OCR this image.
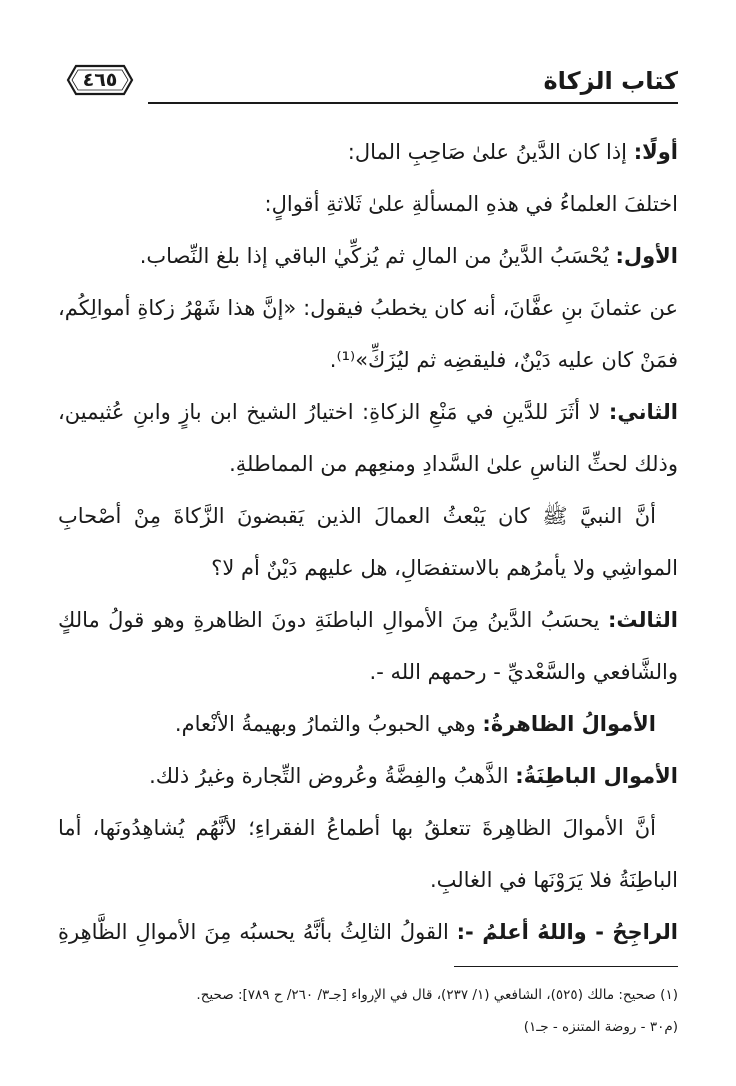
كتاب الزكاة
٤٦٥
أولًا: إذا كان الدَّينُ علىٰ صَاحِبِ المال:
اختلفَ العلماءُ في هذهِ المسألةِ علىٰ ثَلاثةِ أقوالٍ:
الأول: يُحْسَبُ الدَّينُ من المالِ ثم يُزكِّيٰ الباقي إذا بلغ النِّصاب.
عن عثمانَ بنِ عفَّانَ، أنه كان يخطبُ فيقول: «إنَّ هذا شَهْرُ زكاةِ أموالِكُم،
فمَنْ كان عليه دَيْنٌ، فليقضِه ثم ليُزَكِّ»⁽¹⁾.
الثاني: لا أثَرَ للدَّينِ في مَنْعِ الزكاةِ: اختيارُ الشيخ ابن بازٍ وابنِ عُثيمين،
وذلك لحثِّ الناسِ علىٰ السَّدادِ ومنعِهم من المماطلةِ.
أنَّ النبيَّ ﷺ كان يَبْعثُ العمالَ الذين يَقبضونَ الزَّكاةَ مِنْ أصْحابِ
المواشِي ولا يأمرُهم بالاستفصَالِ، هل عليهم دَيْنٌ أم لا؟
الثالث: يحسَبُ الدَّينُ مِنَ الأموالِ الباطنَةِ دونَ الظاهرةِ وهو قولُ مالكٍ
والشَّافعي والسَّعْديِّ - رحمهم الله -.
الأموالُ الظاهرةُ: وهي الحبوبُ والثمارُ وبهيمةُ الأنْعام.
الأموال الباطِنَةُ: الذَّهبُ والفِضَّةُ وعُروض التِّجارة وغيرُ ذلك.
أنَّ الأموالَ الظاهِرةَ تتعلقُ بها أطماعُ الفقراءِ؛ لأنَّهُم يُشاهِدُونَها، أما
الباطِنَةُ فلا يَرَوْنَها في الغالبِ.
الراجِحُ - واللهُ أعلمُ -: القولُ الثالِثُ بأنَّهُ يحسبُه مِنَ الأموالِ الظَّاهِرةِ
(١) صحيح: مالك (٥٢٥)، الشافعي (١/ ٢٣٧)، قال في الإرواء [جـ٣/ ٢٦٠/ ح ٧٨٩]: صحيح.
(م٣٠ - روضة المتنزه - جـ١)
